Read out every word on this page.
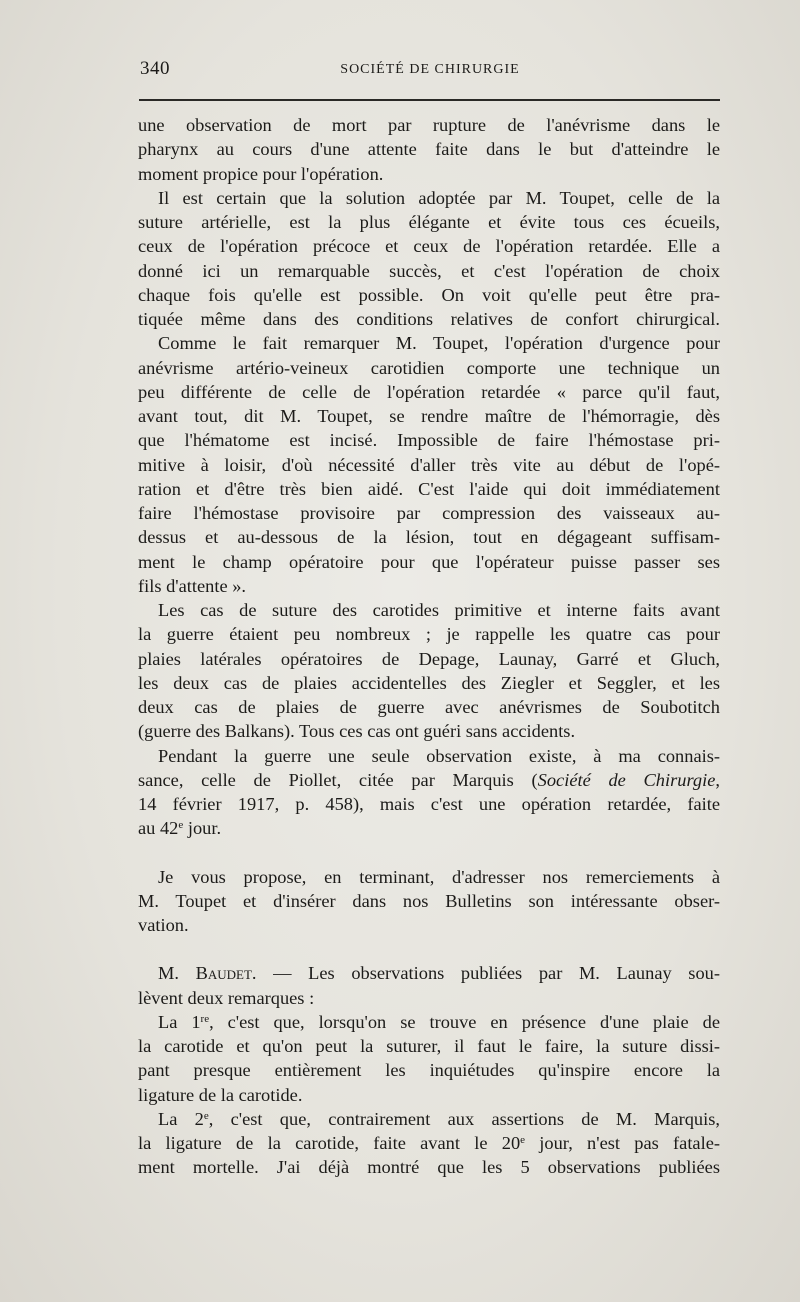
340	SOCIÉTÉ DE CHIRURGIE
une observation de mort par rupture de l'anévrisme dans le
pharynx au cours d'une attente faite dans le but d'atteindre le
moment propice pour l'opération.
Il est certain que la solution adoptée par M. Toupet, celle de la
suture artérielle, est la plus élégante et évite tous ces écueils,
ceux de l'opération précoce et ceux de l'opération retardée. Elle a
donné ici un remarquable succès, et c'est l'opération de choix
chaque fois qu'elle est possible. On voit qu'elle peut être pra-
tiquée même dans des conditions relatives de confort chirurgical.
Comme le fait remarquer M. Toupet, l'opération d'urgence pour
anévrisme artério-veineux carotidien comporte une technique un
peu différente de celle de l'opération retardée « parce qu'il faut,
avant tout, dit M. Toupet, se rendre maître de l'hémorragie, dès
que l'hématome est incisé. Impossible de faire l'hémostase pri-
mitive à loisir, d'où nécessité d'aller très vite au début de l'opé-
ration et d'être très bien aidé. C'est l'aide qui doit immédiatement
faire l'hémostase provisoire par compression des vaisseaux au-
dessus et au-dessous de la lésion, tout en dégageant suffisam-
ment le champ opératoire pour que l'opérateur puisse passer ses
fils d'attente ».
Les cas de suture des carotides primitive et interne faits avant
la guerre étaient peu nombreux ; je rappelle les quatre cas pour
plaies latérales opératoires de Depage, Launay, Garré et Gluch,
les deux cas de plaies accidentelles des Ziegler et Seggler, et les
deux cas de plaies de guerre avec anévrismes de Soubotitch
(guerre des Balkans). Tous ces cas ont guéri sans accidents.
Pendant la guerre une seule observation existe, à ma connais-
sance, celle de Piollet, citée par Marquis (Société de Chirurgie,
14 février 1917, p. 458), mais c'est une opération retardée, faite
au 42e jour.
Je vous propose, en terminant, d'adresser nos remerciements à
M. Toupet et d'insérer dans nos Bulletins son intéressante obser-
vation.
M. Baudet. — Les observations publiées par M. Launay sou-
lèvent deux remarques :
La 1re, c'est que, lorsqu'on se trouve en présence d'une plaie de
la carotide et qu'on peut la suturer, il faut le faire, la suture dissi-
pant presque entièrement les inquiétudes qu'inspire encore la
ligature de la carotide.
La 2e, c'est que, contrairement aux assertions de M. Marquis,
la ligature de la carotide, faite avant le 20e jour, n'est pas fatale-
ment mortelle. J'ai déjà montré que les 5 observations publiées
